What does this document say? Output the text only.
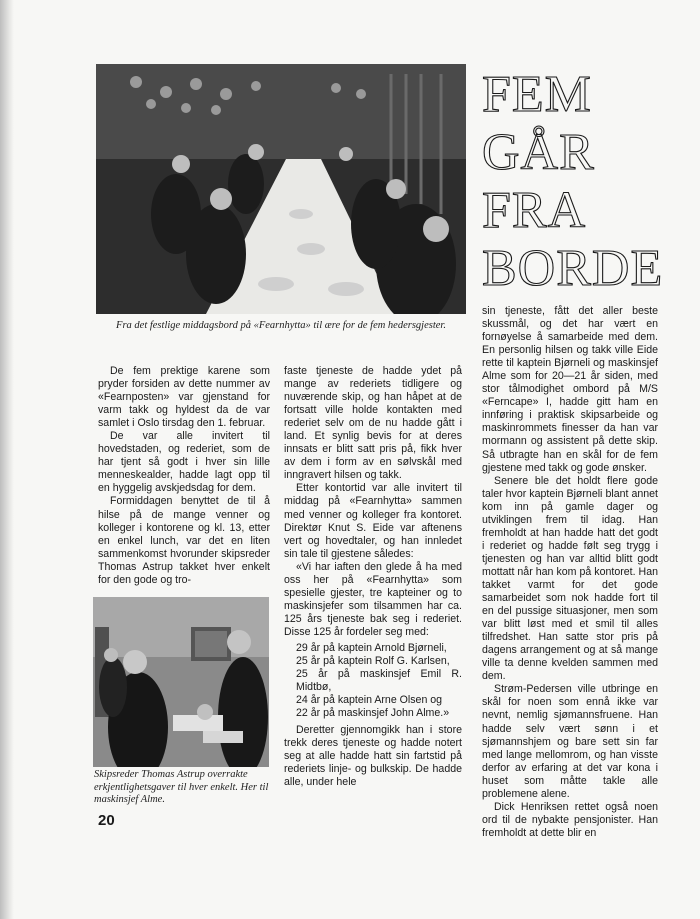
Fra det festlige middagsbord på «Fearnhytta» til ære for de fem hedersgjester.
FEM
GÅR
FRA
BORDE

De fem prektige karene som pryder forsiden av dette nummer av «Fearnposten» var gjenstand for varm takk og hyldest da de var samlet i Oslo tirsdag den 1. februar.

De var alle invitert til hovedstaden, og rederiet, som de har tjent så godt i hver sin lille menneskealder, hadde lagt opp til en hyggelig avskjedsdag for dem.

Formiddagen benyttet de til å hilse på de mange venner og kolleger i kontorene og kl. 13, etter en enkel lunch, var det en liten sammenkomst hvorunder skipsreder Thomas Astrup takket hver enkelt for den gode og tro-

Skipsreder Thomas Astrup overrakte erkjentlighetsgaver til hver enkelt. Her til maskinsjef Alme.

faste tjeneste de hadde ydet på mange av rederiets tidligere og nuværende skip, og han håpet at de fortsatt ville holde kontakten med rederiet selv om de nu hadde gått i land. Et synlig bevis for at deres innsats er blitt satt pris på, fikk hver av dem i form av en sølvskål med inngravert hilsen og takk.

Etter kontortid var alle invitert til middag på «Fearnhytta» sammen med venner og kolleger fra kontoret. Direktør Knut S. Eide var aftenens vert og hovedtaler, og han innledet sin tale til gjestene således:

«Vi har iaften den glede å ha med oss her på «Fearnhytta» som spesielle gjester, tre kapteiner og to maskinsjefer som tilsammen har ca. 125 års tjeneste bak seg i rederiet. Disse 125 år fordeler seg med:

29 år på kaptein Arnold Bjørneli,
25 år på kaptein Rolf G. Karlsen,
25 år på maskinsjef Emil R. Midtbø,
24 år på kaptein Arne Olsen og
22 år på maskinsjef John Alme.»

Deretter gjennomgikk han i store trekk deres tjeneste og hadde notert seg at alle hadde hatt sin fartstid på rederiets linje- og bulkskip. De hadde alle, under hele

sin tjeneste, fått det aller beste skussmål, og det har vært en fornøyelse å samarbeide med dem. En personlig hilsen og takk ville Eide rette til kaptein Bjørneli og maskinsjef Alme som for 20—21 år siden, med stor tålmodighet ombord på M/S «Ferncape» I, hadde gitt ham en innføring i praktisk skipsarbeide og maskinrommets finesser da han var mormann og assistent på dette skip. Så utbragte han en skål for de fem gjestene med takk og gode ønsker.

Senere ble det holdt flere gode taler hvor kaptein Bjørneli blant annet kom inn på gamle dager og utviklingen frem til idag. Han fremholdt at han hadde hatt det godt i rederiet og hadde følt seg trygg i tjenesten og han var alltid blitt godt mottatt når han kom på kontoret. Han takket varmt for det gode samarbeidet som nok hadde fort til en del pussige situasjoner, men som var blitt løst med et smil til alles tilfredshet. Han satte stor pris på dagens arrangement og at så mange ville ta denne kvelden sammen med dem.

Strøm-Pedersen ville utbringe en skål for noen som ennå ikke var nevnt, nemlig sjømannsfruene. Han hadde selv vært sønn i et sjømannshjem og bare sett sin far med lange mellomrom, og han visste derfor av erfaring at det var kona i huset som måtte takle alle problemene alene.

Dick Henriksen rettet også noen ord til de nybakte pensjonister. Han fremholdt at dette blir en

20
